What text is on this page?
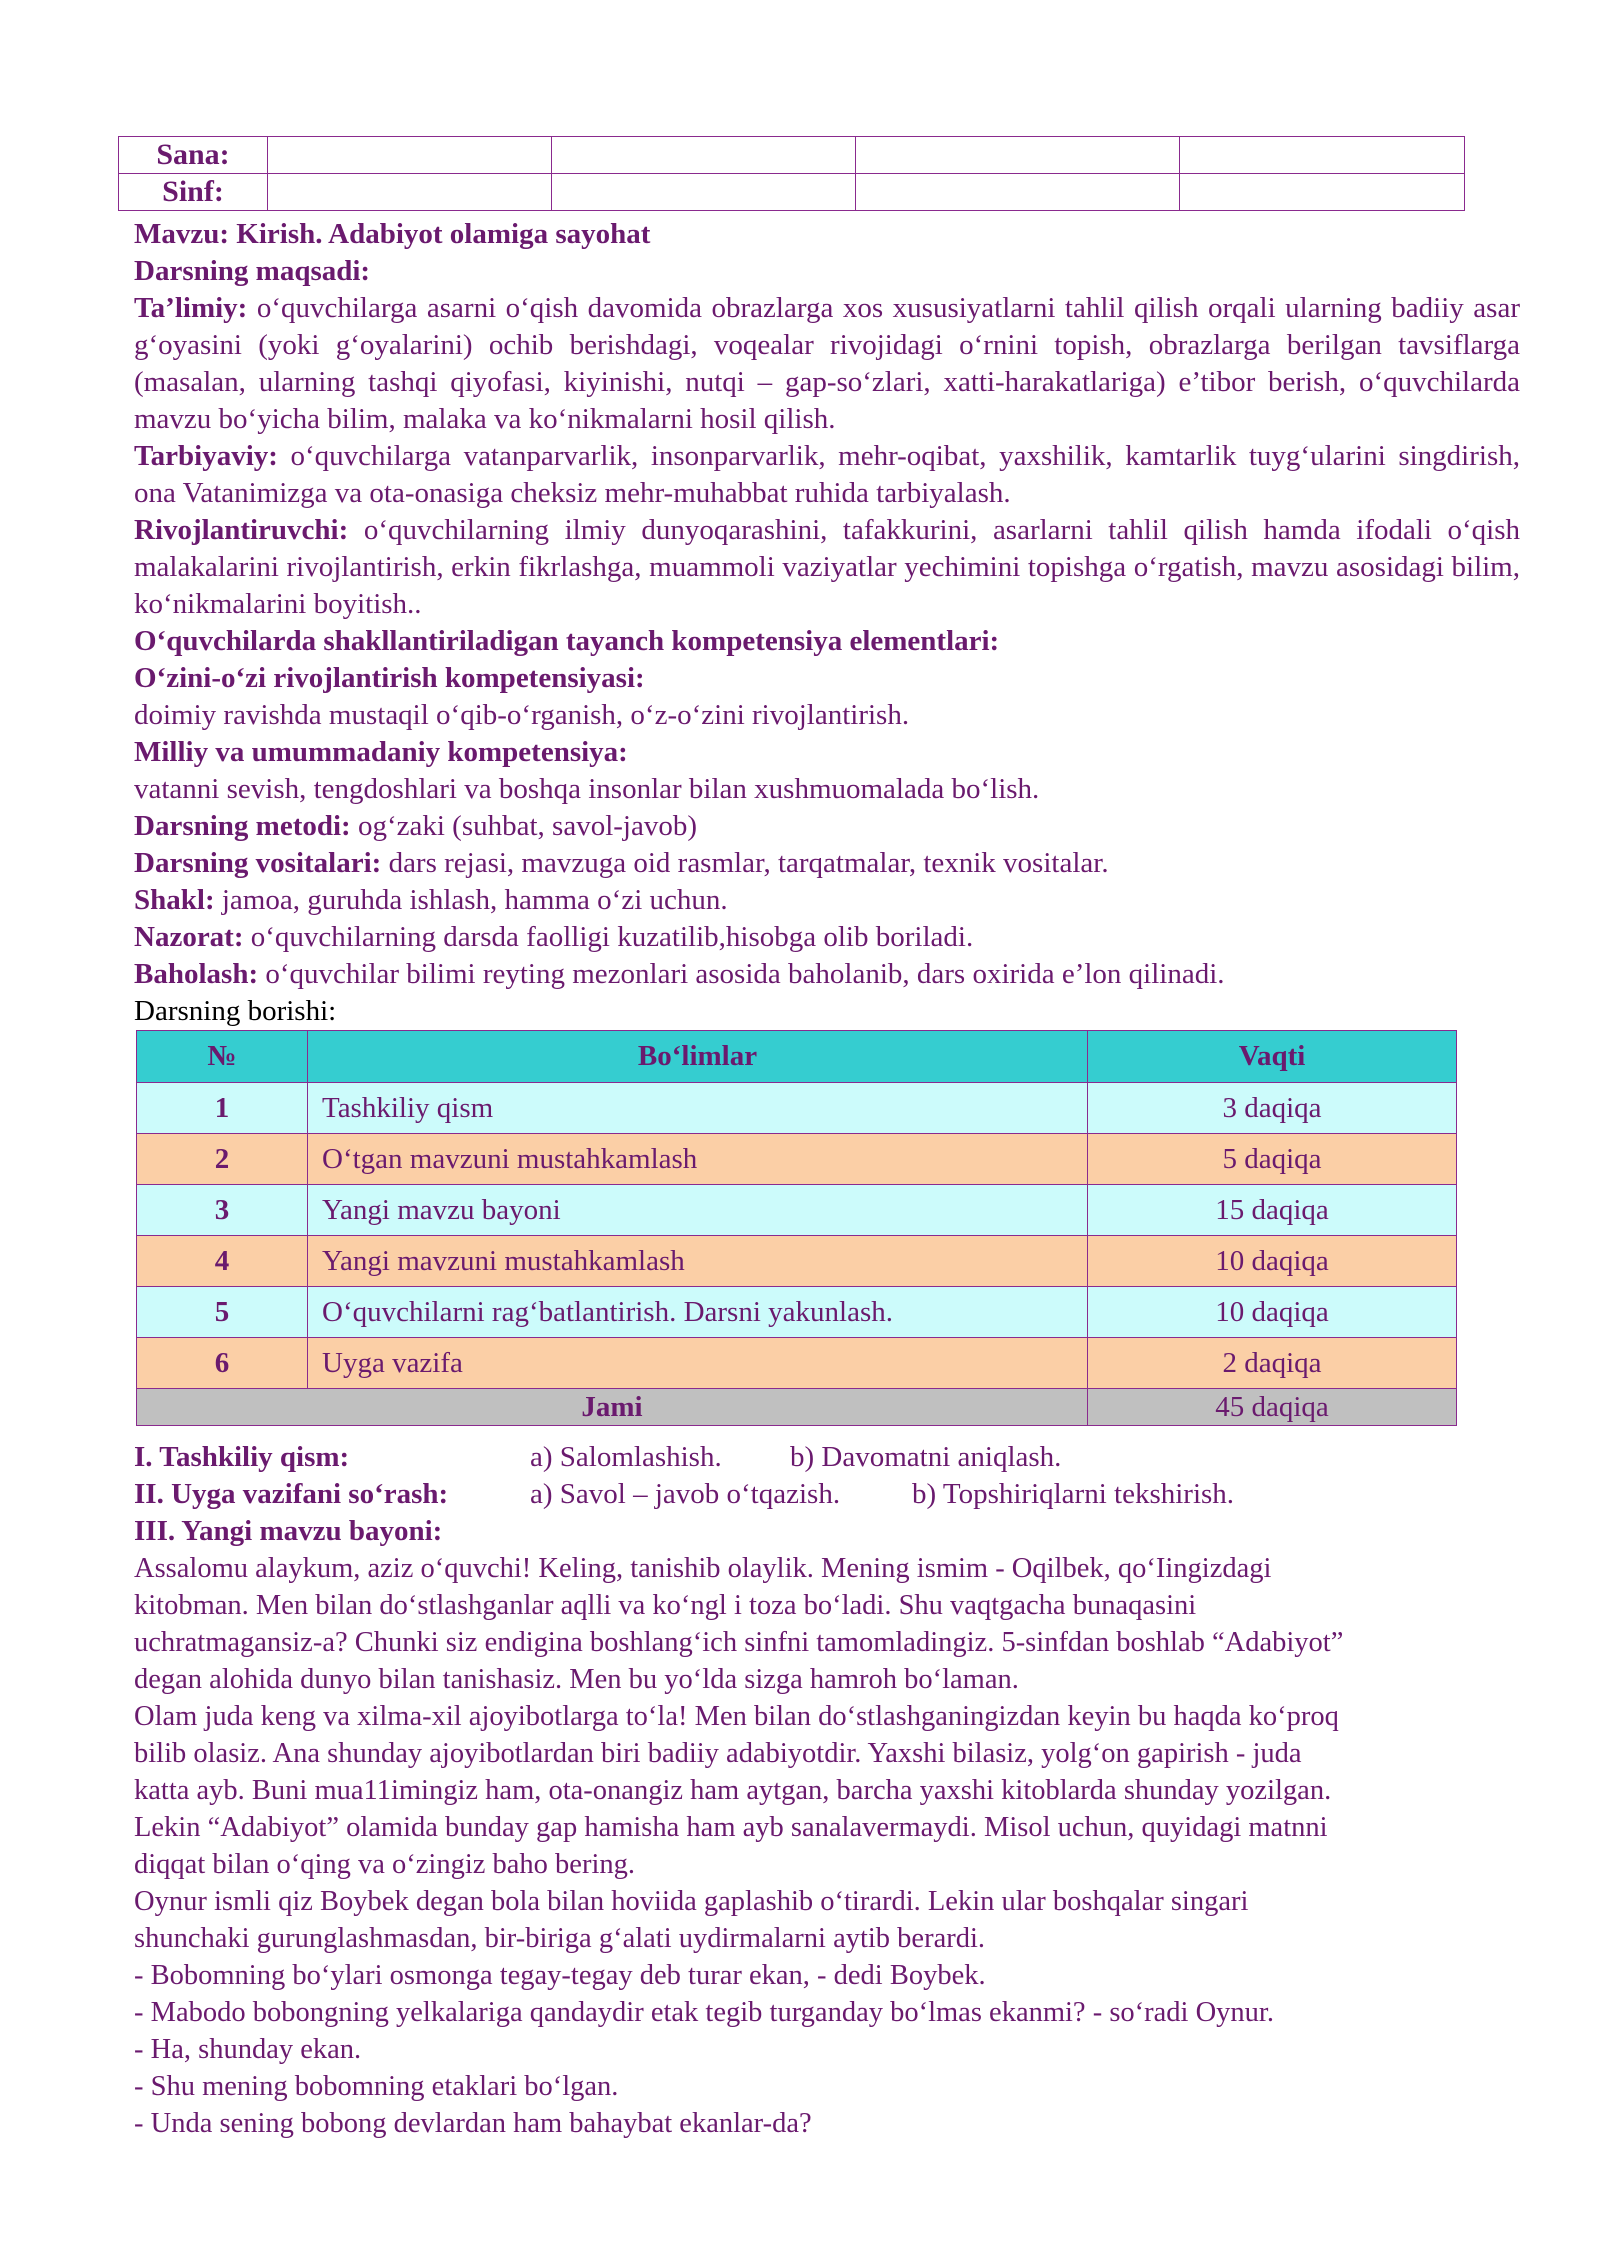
Sana:				
Sinf:				
Mavzu: Kirish. Adabiyot olamiga sayohat
Darsning maqsadi:
Ta’limiy: o‘quvchilarga asarni o‘qish davomida obrazlarga xos xususiyatlarni tahlil qilish orqali ularning badiiy asar g‘oyasini (yoki g‘oyalarini) ochib berishdagi, voqealar rivojidagi o‘rnini topish, obrazlarga berilgan tavsiflarga (masalan, ularning tashqi qiyofasi, kiyinishi, nutqi – gap-so‘zlari, xatti-harakatlariga) e’tibor berish, o‘quvchilarda mavzu bo‘yicha bilim, malaka va ko‘nikmalarni hosil qilish.
Tarbiyaviy: o‘quvchilarga vatanparvarlik, insonparvarlik, mehr-oqibat, yaxshilik, kamtarlik tuyg‘ularini singdirish, ona Vatanimizga va ota-onasiga cheksiz mehr-muhabbat ruhida tarbiyalash.
Rivojlantiruvchi: o‘quvchilarning ilmiy dunyoqarashini, tafakkurini, asarlarni tahlil qilish hamda ifodali o‘qish malakalarini rivojlantirish, erkin fikrlashga, muammoli vaziyatlar yechimini topishga o‘rgatish, mavzu asosidagi bilim, ko‘nikmalarini boyitish..
O‘quvchilarda shakllantiriladigan tayanch kompetensiya elementlari:
O‘zini-o‘zi rivojlantirish kompetensiyasi:
doimiy ravishda mustaqil o‘qib-o‘rganish, o‘z-o‘zini rivojlantirish.
Milliy va umummadaniy kompetensiya:
vatanni sevish, tengdoshlari va boshqa insonlar bilan xushmuomalada bo‘lish.
Darsning metodi: og‘zaki (suhbat, savol-javob)
Darsning vositalari: dars rejasi, mavzuga oid rasmlar, tarqatmalar, texnik vositalar.
Shakl: jamoa, guruhda ishlash, hamma o‘zi uchun.
Nazorat: o‘quvchilarning darsda faolligi kuzatilib,hisobga olib boriladi.
Baholash: o‘quvchilar bilimi reyting mezonlari asosida baholanib, dars oxirida e’lon qilinadi.
Darsning borishi:
№	Bo‘limlar	Vaqti
1	Tashkiliy qism	3 daqiqa
2	O‘tgan mavzuni mustahkamlash	5 daqiqa
3	Yangi mavzu bayoni	15 daqiqa
4	Yangi mavzuni mustahkamlash	10 daqiqa
5	O‘quvchilarni rag‘batlantirish. Darsni yakunlash.	10 daqiqa
6	Uyga vazifa	2 daqiqa
Jami		45 daqiqa
I. Tashkiliy qism:	a) Salomlashish. b) Davomatni aniqlash.
II. Uyga vazifani so‘rash:	a) Savol – javob o‘tqazish. b) Topshiriqlarni tekshirish.
III. Yangi mavzu bayoni:
Assalomu alaykum, aziz o‘quvchi! Keling, tanishib olaylik. Mening ismim - Oqilbek, qo‘Iingizdagi
kitobman. Men bilan do‘stlashganlar aqlli va ko‘ngl i toza bo‘ladi. Shu vaqtgacha bunaqasini
uchratmagansiz-a? Chunki siz endigina boshlang‘ich sinfni tamomladingiz. 5-sinfdan boshlab “Adabiyot”
degan alohida dunyo bilan tanishasiz. Men bu yo‘lda sizga hamroh bo‘laman.
Olam juda keng va xilma-xil ajoyibotlarga to‘la! Men bilan do‘stlashganingizdan keyin bu haqda ko‘proq
bilib olasiz. Ana shunday ajoyibotlardan biri badiiy adabiyotdir. Yaxshi bilasiz, yolg‘on gapirish - juda
katta ayb. Buni mua11imingiz ham, ota-onangiz ham aytgan, barcha yaxshi kitoblarda shunday yozilgan.
Lekin “Adabiyot” olamida bunday gap hamisha ham ayb sanalavermaydi. Misol uchun, quyidagi matnni
diqqat bilan o‘qing va o‘zingiz baho bering.
Oynur ismli qiz Boybek degan bola bilan hoviida gaplashib o‘tirardi. Lekin ular boshqalar singari
shunchaki gurunglashmasdan, bir-biriga g‘alati uydirmalarni aytib berardi.
- Bobomning bo‘ylari osmonga tegay-tegay deb turar ekan, - dedi Boybek.
- Mabodo bobongning yelkalariga qandaydir etak tegib turganday bo‘lmas ekanmi? - so‘radi Oynur.
- Ha, shunday ekan.
- Shu mening bobomning etaklari bo‘lgan.
- Unda sening bobong devlardan ham bahaybat ekanlar-da?
